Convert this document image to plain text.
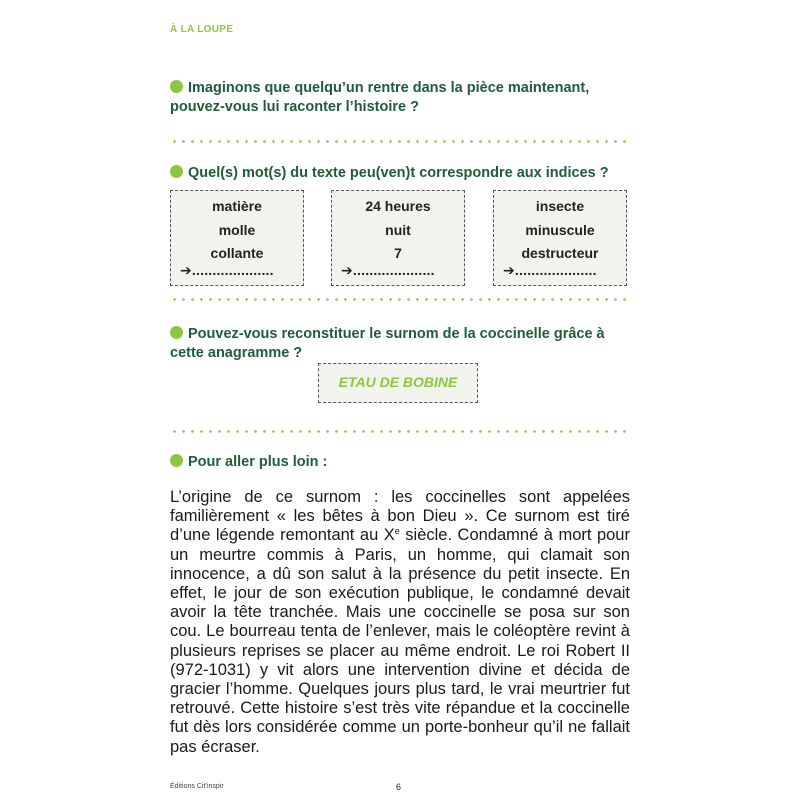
À LA LOUPE
Imaginons que quelqu’un rentre dans la pièce maintenant, pouvez-vous lui raconter l’histoire ?
Quel(s) mot(s) du texte peu(ven)t correspondre aux indices ?
matière
molle
collante
➔....................
24 heures
nuit
7
➔....................
insecte
minuscule
destructeur
➔....................
Pouvez-vous reconstituer le surnom de la coccinelle grâce à cette anagramme ?
ETAU DE BOBINE
Pour aller plus loin :
L’origine de ce surnom : les coccinelles sont appelées familièrement « les bêtes à bon Dieu ». Ce surnom est tiré d’une légende remontant au Xe siècle. Condamné à mort pour un meurtre commis à Paris, un homme, qui clamait son innocence, a dû son salut à la présence du petit insecte. En effet, le jour de son exécution publique, le condamné devait avoir la tête tranchée. Mais une coccinelle se posa sur son cou. Le bourreau tenta de l’enlever, mais le coléoptère revint à plusieurs reprises se placer au même endroit. Le roi Robert II (972-1031) y vit alors une intervention divine et décida de gracier l’homme. Quelques jours plus tard, le vrai meurtrier fut retrouvé. Cette histoire s’est très vite répandue et la coccinelle fut dès lors considérée comme un porte-bonheur qu’il ne fallait pas écraser.
Éditions Cit’inspir	6
